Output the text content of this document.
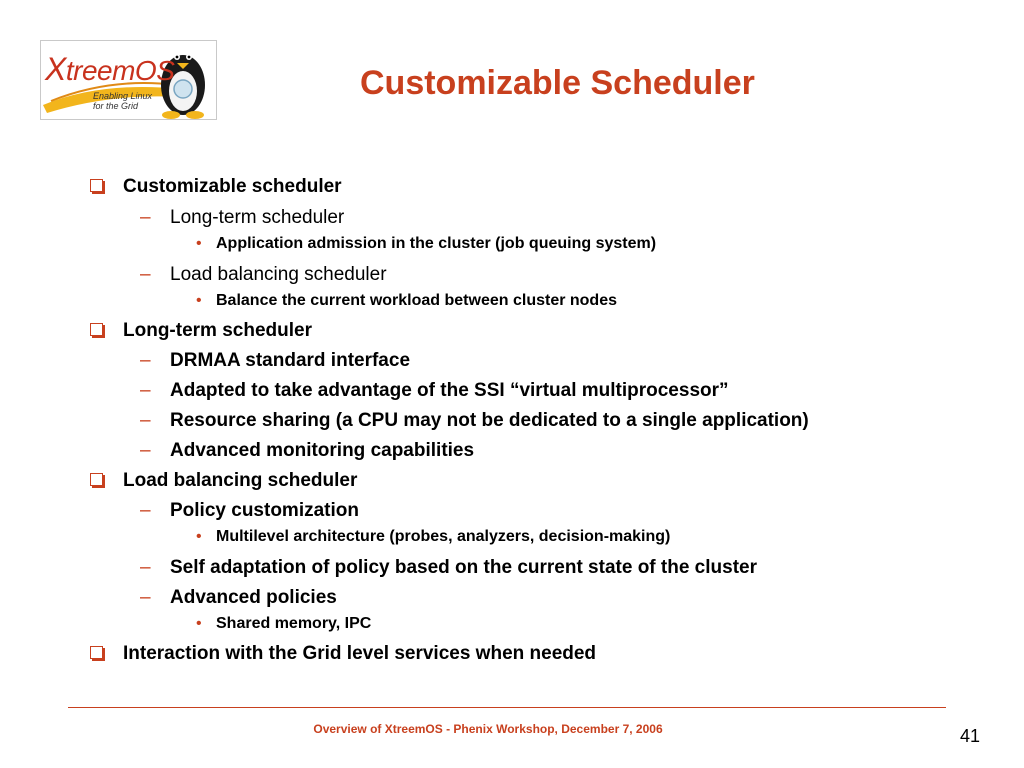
XtreemOS
Enabling Linux
for the Grid
Customizable Scheduler
Customizable scheduler
– Long-term scheduler
• Application admission in the cluster (job queuing system)
– Load balancing scheduler
• Balance the current workload between cluster nodes
Long-term scheduler
– DRMAA standard interface
– Adapted to take advantage of the SSI “virtual multiprocessor”
– Resource sharing (a CPU may not be dedicated to a single application)
– Advanced monitoring capabilities
Load balancing scheduler
– Policy customization
• Multilevel architecture (probes, analyzers, decision-making)
– Self adaptation of policy based on the current state of the cluster
– Advanced policies
• Shared memory, IPC
Interaction with the Grid level services when needed
Overview of XtreemOS - Phenix Workshop, December 7, 2006	41
